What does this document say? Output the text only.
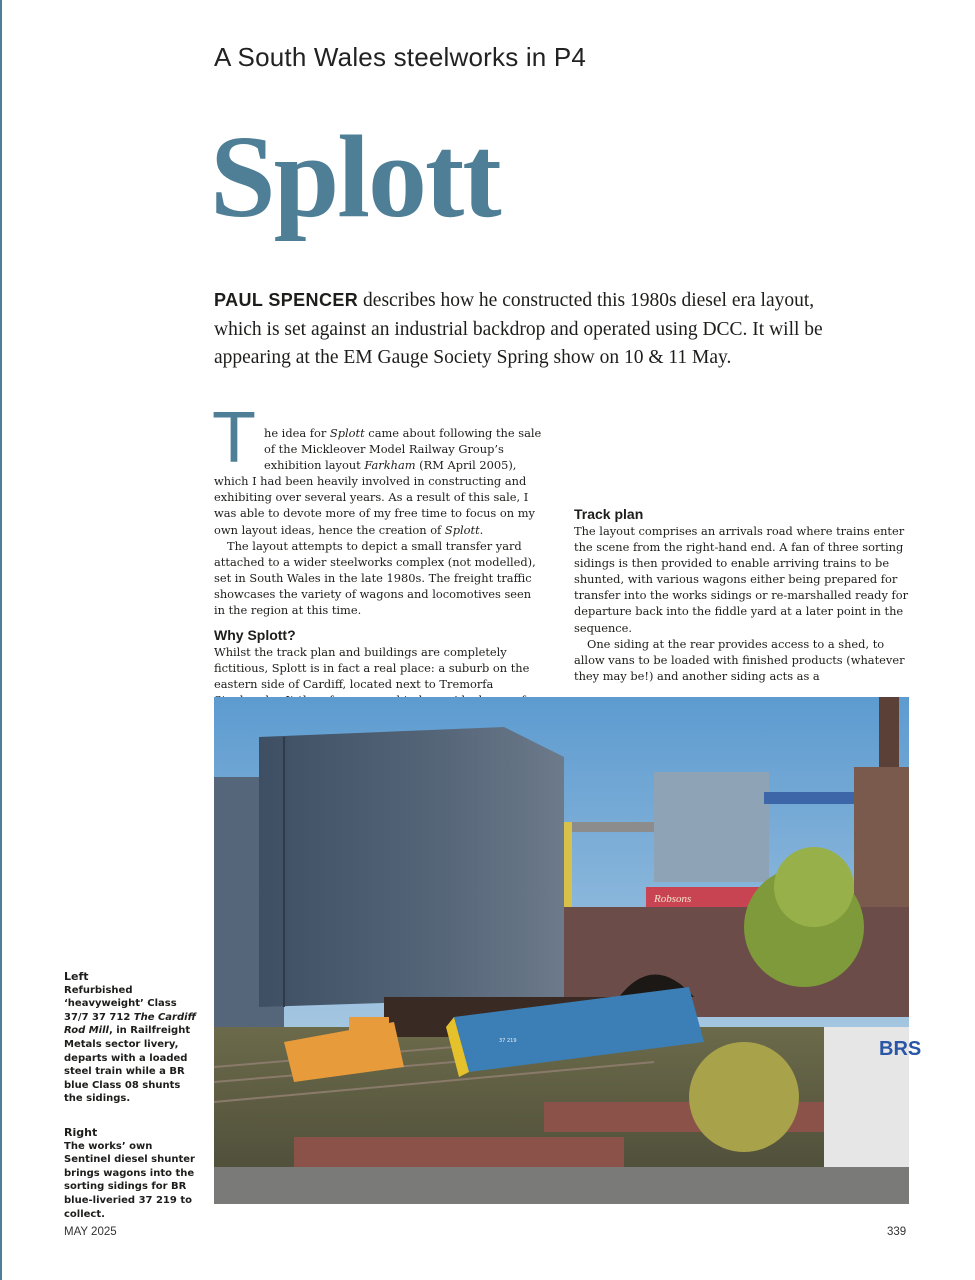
A South Wales steelworks in P4
Splott
PAUL SPENCER describes how he constructed this 1980s diesel era layout, which is set against an industrial backdrop and operated using DCC. It will be appearing at the EM Gauge Society Spring show on 10 & 11 May.

The idea for Splott came about following the sale of the Mickleover Model Railway Group’s exhibition layout Farkham (RM April 2005), which I had been heavily involved in constructing and exhibiting over several years. As a result of this sale, I was able to devote more of my free time to focus on my own layout ideas, hence the creation of Splott.

The layout attempts to depict a small transfer yard attached to a wider steelworks complex (not modelled), set in South Wales in the late 1980s. The freight traffic showcases the variety of wagons and locomotives seen in the region at this time.

Why Splott?

Whilst the track plan and buildings are completely fictitious, Splott is in fact a real place: a suburb on the eastern side of Cardiff, located next to Tremorfa

Track plan

The layout comprises an arrivals road where trains enter the scene from the right-hand end. A fan of three sorting sidings is then provided to enable arriving trains to be shunted, with various wagons either being prepared for transfer into the works sidings or re-marshalled ready for departure back into the fiddle yard at a later point in the sequence.

One siding at the rear provides access to a shed, to allow vans to be loaded with finished products (whatever they may be!) and another siding acts as a

Robsons
37 219	BRS
Left
Refurbished ‘heavyweight’ Class 37/7 37 712 The Cardiff Rod Mill, in Railfreight Metals sector livery, departs with a loaded steel train while a BR blue Class 08 shunts the sidings.
Right
The works’ own Sentinel diesel shunter brings wagons into the sorting sidings for BR blue-liveried 37 219 to collect.
MAY 2025	339
